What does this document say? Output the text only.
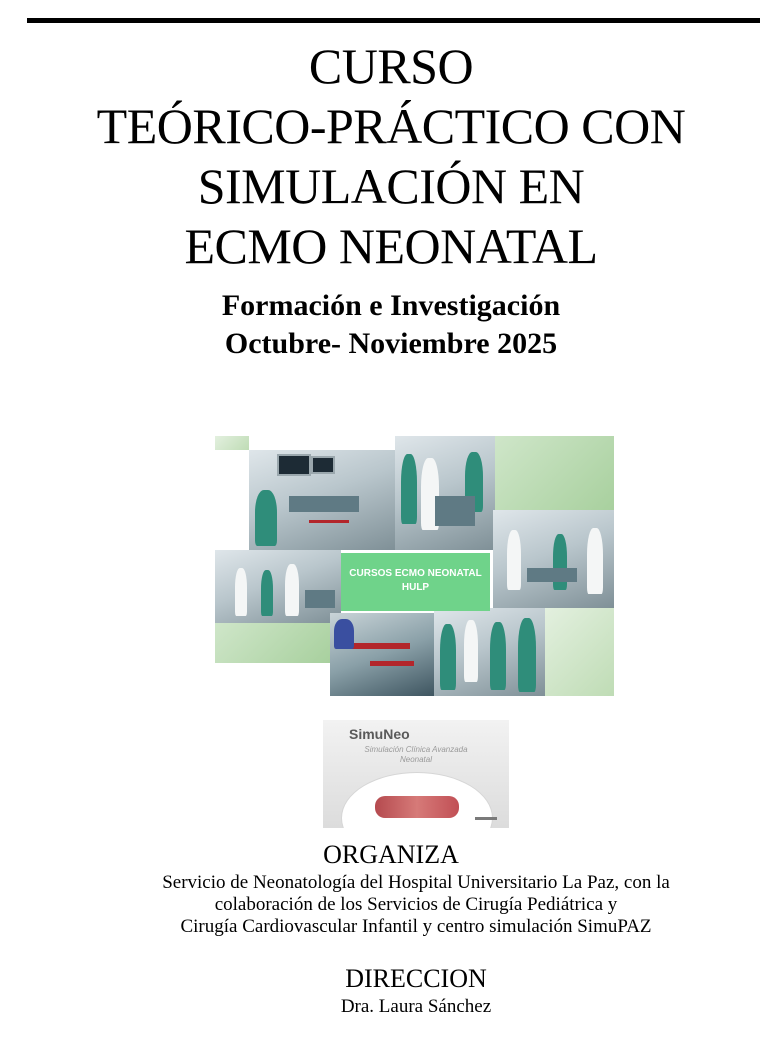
CURSO
TEÓRICO-PRÁCTICO CON
SIMULACIÓN EN
ECMO NEONATAL
Formación e Investigación
Octubre- Noviembre 2025
CURSOS ECMO NEONATAL
HULP
SimuNeo
Simulación Clínica Avanzada
Neonatal
ORGANIZA
Servicio de Neonatología del Hospital Universitario La Paz, con la
colaboración de los Servicios de Cirugía Pediátrica y
Cirugía Cardiovascular Infantil y centro simulación SimuPAZ
DIRECCION
Dra. Laura Sánchez
